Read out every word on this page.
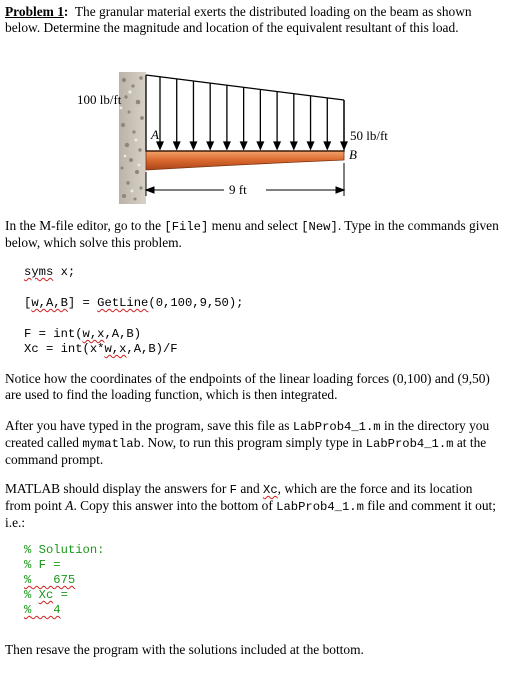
Problem 1: The granular material exerts the distributed loading on the beam as shown below. Determine the magnitude and location of the equivalent resultant of this load.

100 lb/ft
50 lb/ft
A
B
9 ft

In the M-file editor, go to the [File] menu and select [New]. Type in the commands given below, which solve this problem.

syms x;
[w,A,B] = GetLine(0,100,9,50);
F = int(w,x,A,B)
Xc = int(x*w,x,A,B)/F

Notice how the coordinates of the endpoints of the linear loading forces (0,100) and (9,50) are used to find the loading function, which is then integrated.

After you have typed in the program, save this file as LabProb4_1.m in the directory you created called mymatlab. Now, to run this program simply type in LabProb4_1.m at the command prompt.

MATLAB should display the answers for F and Xc, which are the force and its location from point A. Copy this answer into the bottom of LabProb4_1.m file and comment it out; i.e.:

% Solution:
% F =
%   675
% Xc =
%   4

Then resave the program with the solutions included at the bottom.
